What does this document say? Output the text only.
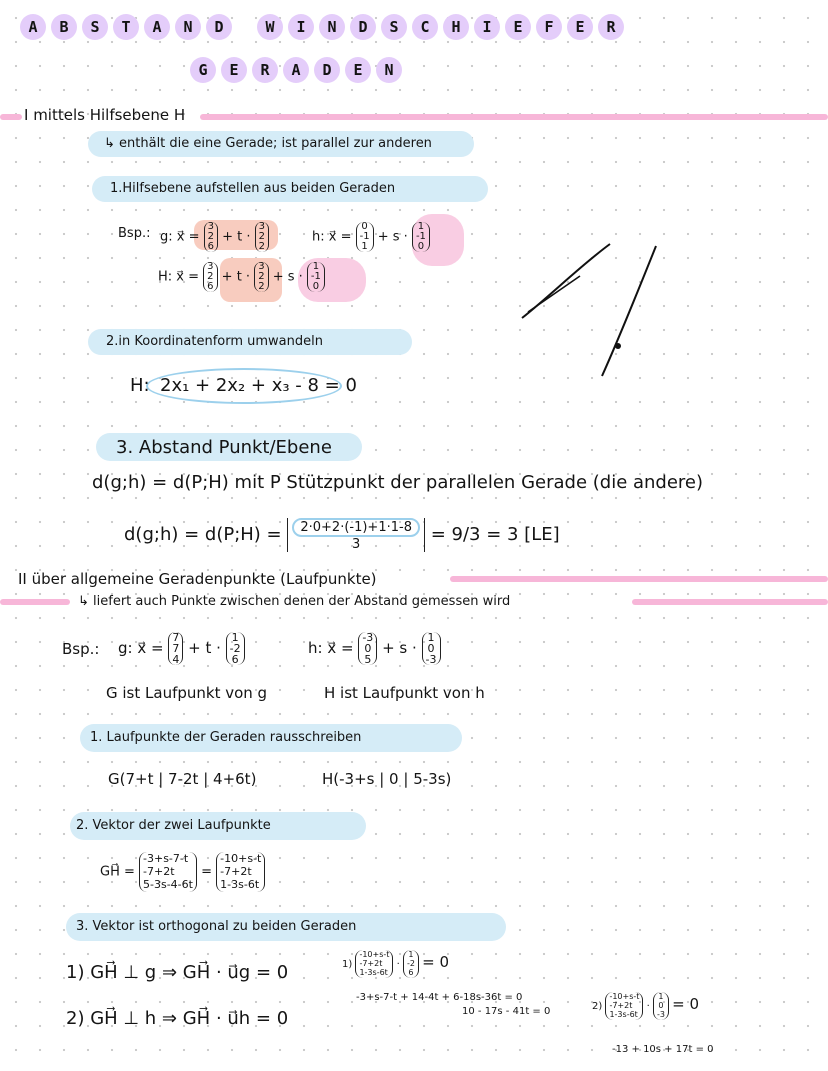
A	B	S	T	A	N	D	W	I	N	D	S	C	H	I	E	F	E	R
G	E	R	A	D	E	N
I mittels Hilfsebene H
↳ enthält die eine Gerade; ist parallel zur anderen
1.Hilfsebene aufstellen aus beiden Geraden
Bsp.: g: x⃗ =
3
2
6
+ t ·
3
2
2
h: x⃗ =
0
-1
1
+ s ·
1
-1
0
H: x⃗ =
3
2
6
+ t ·
3
2
2
+ s ·
1
-1
0
2.in Koordinatenform umwandeln
H: 2x₁ + 2x₂ + x₃ - 8 = 0
3. Abstand Punkt/Ebene
d(g;h) = d(P;H) mit P Stützpunkt der parallelen Gerade (die andere)
d(g;h) = d(P;H) = $\frac{2\cdot 0+2\cdot(-1)+1\cdot 1-8}{3} = 9/3 = 3$ [LE]
II über allgemeine Geradenpunkte (Laufpunkte)
↳ liefert auch Punkte zwischen denen der Abstand gemessen wird
Bsp.: g: x⃗ =
7
7
4
+ t ·
1
-2
6
h: x⃗ =
-3
0
5
+ s ·
1
0
-3
G ist Laufpunkt von g	H ist Laufpunkt von h
1. Laufpunkte der Geraden rausschreiben
G(7+t | 7-2t | 4+6t)	H(-3+s | 0 | 5-3s)
2. Vektor der zwei Laufpunkte
GH⃗ =
-3+s-7-t
-7+2t
5-3s-4-6t
=
-10+s-t
-7+2t
1-3s-6t
3. Vektor ist orthogonal zu beiden Geraden
1) GH⃗ ⊥ g ⇒ GH⃗ · u⃗g = 0
2) GH⃗ ⊥ h ⇒ GH⃗ · u⃗h = 0
1)
-10+s-t
-7+2t
1-3s-6t
·
1
-2
6
= 0
-3+s-7-t + 14-4t + 6-18s-36t = 0
10 - 17s - 41t = 0	2)
-10+s-t
-7+2t
1-3s-6t
·
1
0
-3
= 0
-13 + 10s + 17t = 0
